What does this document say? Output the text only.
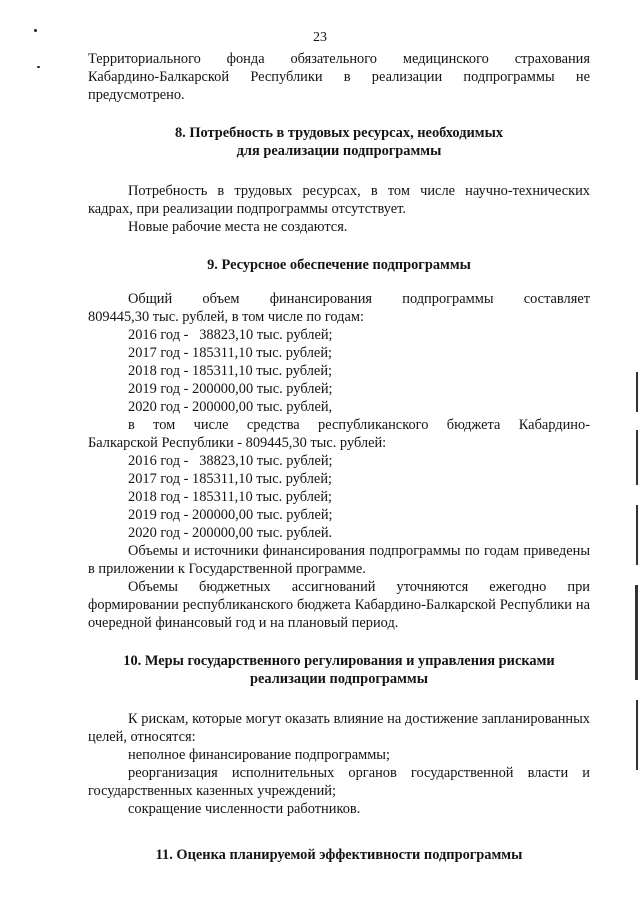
23

Территориального фонда обязательного медицинского страхования

Кабардино-Балкарской Республики в реализации подпрограммы не

предусмотрено.

8. Потребность в трудовых ресурсах, необходимых

для реализации подпрограммы

Потребность в трудовых ресурсах, в том числе научно-технических кадрах, при реализации подпрограммы отсутствует.

Новые рабочие места не создаются.

9. Ресурсное обеспечение подпрограммы

Общий объем финансирования подпрограммы составляет

809445,30 тыс. рублей, в том числе по годам:

2016 год -   38823,10 тыс. рублей;

2017 год - 185311,10 тыс. рублей;

2018 год - 185311,10 тыс. рублей;

2019 год - 200000,00 тыс. рублей;

2020 год - 200000,00 тыс. рублей,

в том числе средства республиканского бюджета Кабардино-

Балкарской Республики - 809445,30 тыс. рублей:

2016 год -   38823,10 тыс. рублей;

2017 год - 185311,10 тыс. рублей;

2018 год - 185311,10 тыс. рублей;

2019 год - 200000,00 тыс. рублей;

2020 год - 200000,00 тыс. рублей.

Объемы и источники финансирования подпрограммы по годам приведены в приложении к Государственной программе.

Объемы бюджетных ассигнований уточняются ежегодно при формировании республиканского бюджета Кабардино-Балкарской Республики на очередной финансовый год и на плановый период.

10. Меры государственного регулирования и управления рисками

реализации подпрограммы

К рискам, которые могут оказать влияние на достижение запланированных целей, относятся:

неполное финансирование подпрограммы;

реорганизация исполнительных органов государственной власти и государственных казенных учреждений;

сокращение численности работников.

11. Оценка планируемой эффективности подпрограммы
